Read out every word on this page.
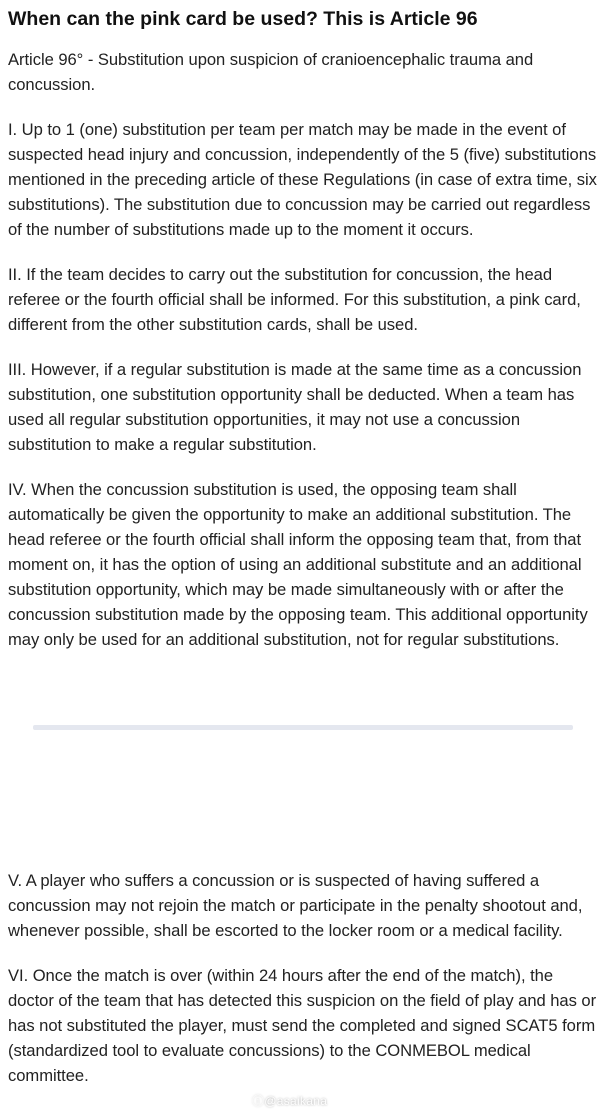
When can the pink card be used? This is Article 96

Article 96° - Substitution upon suspicion of cranioencephalic trauma and concussion.

I. Up to 1 (one) substitution per team per match may be made in the event of suspected head injury and concussion, independently of the 5 (five) substitutions mentioned in the preceding article of these Regulations (in case of extra time, six substitutions). The substitution due to concussion may be carried out regardless of the number of substitutions made up to the moment it occurs.

II. If the team decides to carry out the substitution for concussion, the head referee or the fourth official shall be informed. For this substitution, a pink card, different from the other substitution cards, shall be used.

III. However, if a regular substitution is made at the same time as a concussion substitution, one substitution opportunity shall be deducted. When a team has used all regular substitution opportunities, it may not use a concussion substitution to make a regular substitution.

IV. When the concussion substitution is used, the opposing team shall automatically be given the opportunity to make an additional substitution. The head referee or the fourth official shall inform the opposing team that, from that moment on, it has the option of using an additional substitute and an additional substitution opportunity, which may be made simultaneously with or after the concussion substitution made by the opposing team. This additional opportunity may only be used for an additional substitution, not for regular substitutions.

V. A player who suffers a concussion or is suspected of having suffered a concussion may not rejoin the match or participate in the penalty shootout and, whenever possible, shall be escorted to the locker room or a medical facility.

VI. Once the match is over (within 24 hours after the end of the match), the doctor of the team that has detected this suspicion on the field of play and has or has not substituted the player, must send the completed and signed SCAT5 form (standardized tool to evaluate concussions) to the CONMEBOL medical committee.

ⓘ@asaikana
